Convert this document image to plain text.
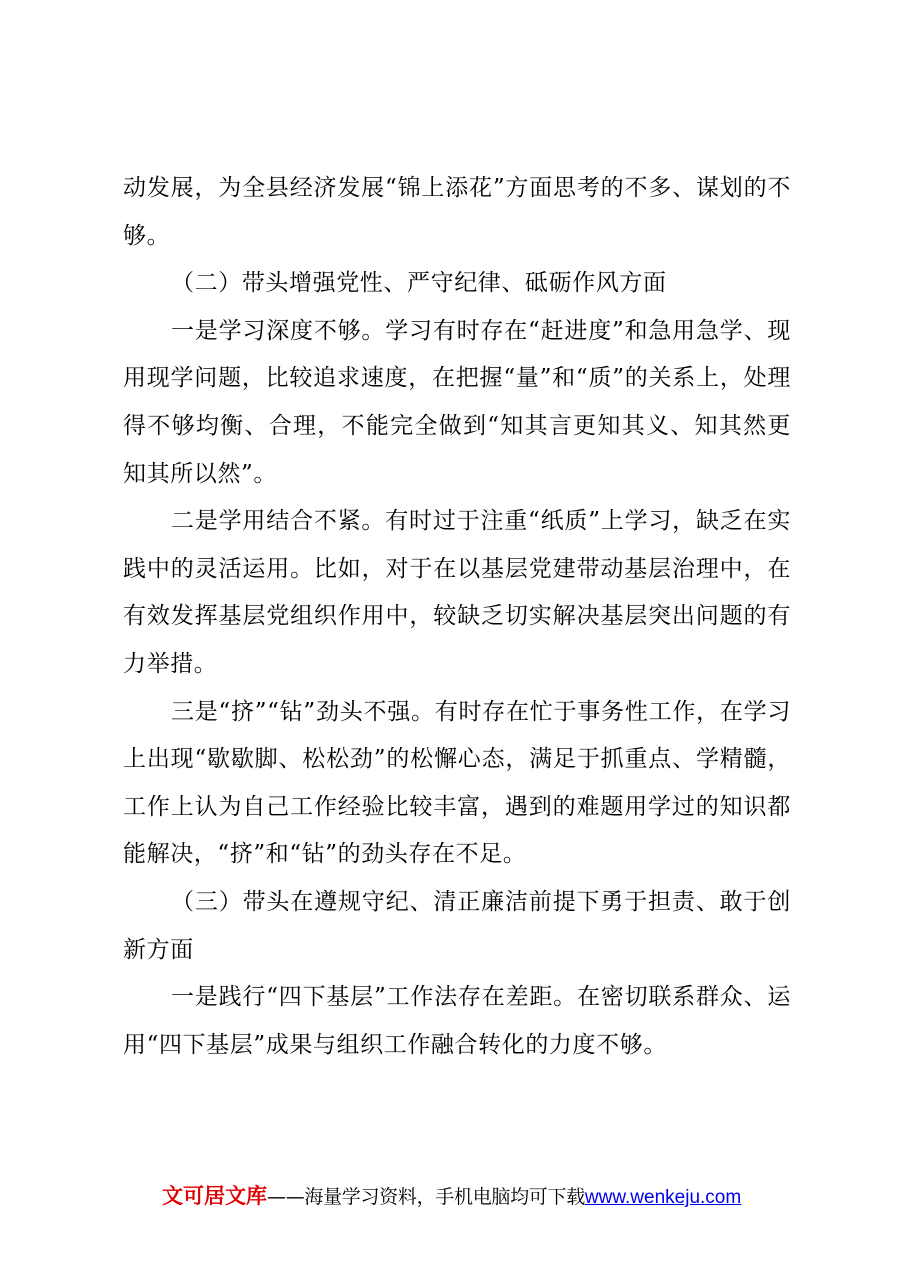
动发展，为全县经济发展“锦上添花”方面思考的不多、谋划的不够。

（二）带头增强党性、严守纪律、砥砺作风方面

一是学习深度不够。学习有时存在“赶进度”和急用急学、现用现学问题，比较追求速度，在把握“量”和“质”的关系上，处理得不够均衡、合理，不能完全做到“知其言更知其义、知其然更知其所以然”。

二是学用结合不紧。有时过于注重“纸质”上学习，缺乏在实践中的灵活运用。比如，对于在以基层党建带动基层治理中，在有效发挥基层党组织作用中，较缺乏切实解决基层突出问题的有力举措。

三是“挤”“钻”劲头不强。有时存在忙于事务性工作，在学习上出现“歇歇脚、松松劲”的松懈心态，满足于抓重点、学精髓，工作上认为自己工作经验比较丰富，遇到的难题用学过的知识都能解决，“挤”和“钻”的劲头存在不足。

（三）带头在遵规守纪、清正廉洁前提下勇于担责、敢于创新方面

一是践行“四下基层”工作法存在差距。在密切联系群众、运用“四下基层”成果与组织工作融合转化的力度不够。

文可居文库——海量学习资料，手机电脑均可下载www.wenkeju.com
